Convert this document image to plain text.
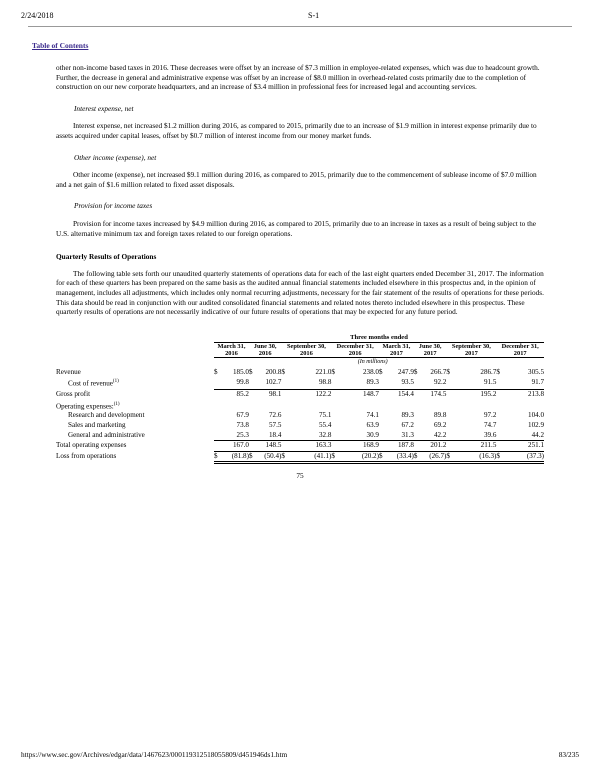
2/24/2018	S-1
Table of Contents

other non-income based taxes in 2016. These decreases were offset by an increase of $7.3 million in employee-related expenses, which was due to headcount growth. Further, the decrease in general and administrative expense was offset by an increase of $8.0 million in overhead-related costs primarily due to the completion of construction on our new corporate headquarters, and an increase of $3.4 million in professional fees for increased legal and accounting services.

Interest expense, net

Interest expense, net increased $1.2 million during 2016, as compared to 2015, primarily due to an increase of $1.9 million in interest expense primarily due to assets acquired under capital leases, offset by $0.7 million of interest income from our money market funds.

Other income (expense), net

Other income (expense), net increased $9.1 million during 2016, as compared to 2015, primarily due to the commencement of sublease income of $7.0 million and a net gain of $1.6 million related to fixed asset disposals.

Provision for income taxes

Provision for income taxes increased by $4.9 million during 2016, as compared to 2015, primarily due to an increase in taxes as a result of being subject to the U.S. alternative minimum tax and foreign taxes related to our foreign operations.

Quarterly Results of Operations

The following table sets forth our unaudited quarterly statements of operations data for each of the last eight quarters ended December 31, 2017. The information for each of these quarters has been prepared on the same basis as the audited annual financial statements included elsewhere in this prospectus and, in the opinion of management, includes all adjustments, which includes only normal recurring adjustments, necessary for the fair statement of the results of operations for these periods. This data should be read in conjunction with our audited consolidated financial statements and related notes thereto included elsewhere in this prospectus. These quarterly results of operations are not necessarily indicative of our future results of operations that may be expected for any future period.

	Three months ended															
	March 31,
2016		June 30,
2016		September 30,
2016		December 31,
2016		March 31,
2017		June 30,
2017		September 30,
2017		December 31,
2017	
							(In millions)									
Revenue	$	185.0	$	200.8	$	221.0	$	238.0	$	247.9	$	266.7	$	286.7	$	305.5
Cost of revenue$^{(1)}$		99.8		102.7		98.8		89.3		93.5		92.2		91.5		91.7
Gross profit		85.2		98.1		122.2		148.7		154.4		174.5		195.2		213.8
Operating expenses:$^{(1)}$	
Research and development		67.9		72.6		75.1		74.1		89.3		89.8		97.2		104.0
Sales and marketing		73.8		57.5		55.4		63.9		67.2		69.2		74.7		102.9
General and administrative		25.3		18.4		32.8		30.9		31.3		42.2		39.6		44.2
Total operating expenses		167.0		148.5		163.3		168.9		187.8		201.2		211.5		251.1
Loss from operations	$	(81.8)	$	(50.4)	$	(41.1)	$	(20.2)	$	(33.4)	$	(26.7)	$	(16.3)	$	(37.3)
75
https://www.sec.gov/Archives/edgar/data/1467623/000119312518055809/d451946ds1.htm	83/235
